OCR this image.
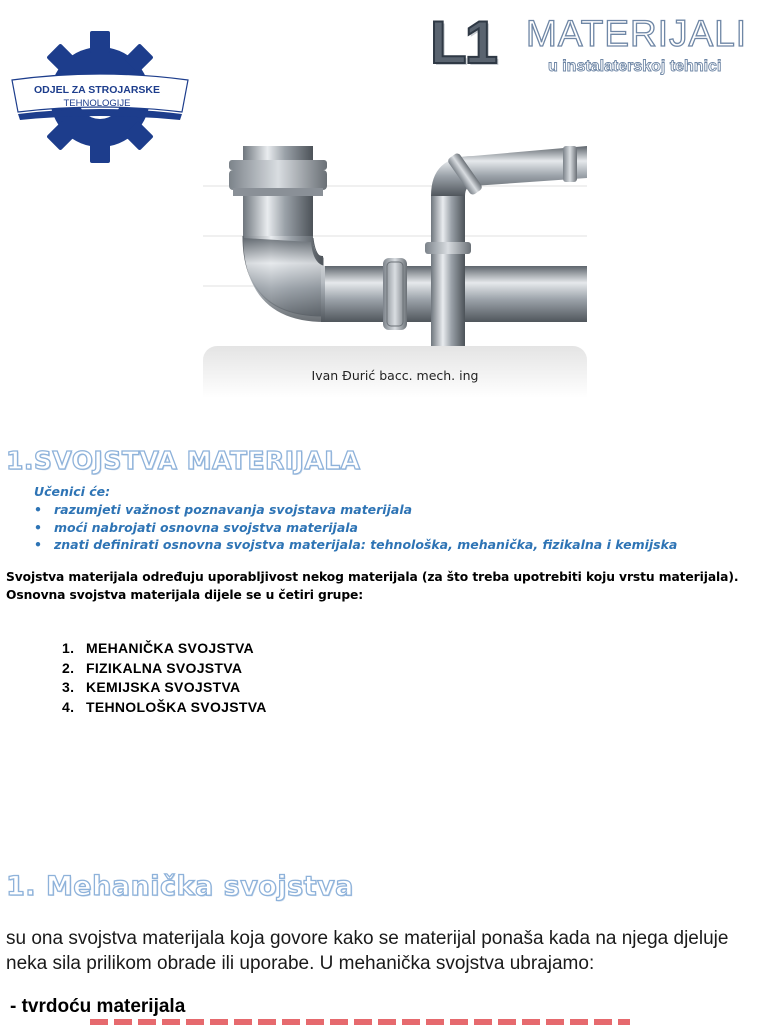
ODJEL ZA STROJARSKE
TEHNOLOGIJE
L1 MATERIJALI
u instalaterskoj tehnici
Ivan Đurić bacc. mech. ing
1.SVOJSTVA MATERIJALA
Učenici će:
• razumjeti važnost poznavanja svojstava materijala
• moći nabrojati osnovna svojstva materijala
• znati definirati osnovna svojstva materijala: tehnološka, mehanička, fizikalna i kemijska
Svojstva materijala određuju uporabljivost nekog materijala (za što treba upotrebiti koju vrstu materijala).
Osnovna svojstva materijala dijele se u četiri grupe:
1. MEHANIČKA SVOJSTVA
2. FIZIKALNA SVOJSTVA
3. KEMIJSKA SVOJSTVA
4. TEHNOLOŠKA SVOJSTVA
1. Mehanička svojstva
su ona svojstva materijala koja govore kako se materijal ponaša kada na njega djeluje neka sila prilikom obrade ili uporabe. U mehanička svojstva ubrajamo:
- tvrdoću materijala
